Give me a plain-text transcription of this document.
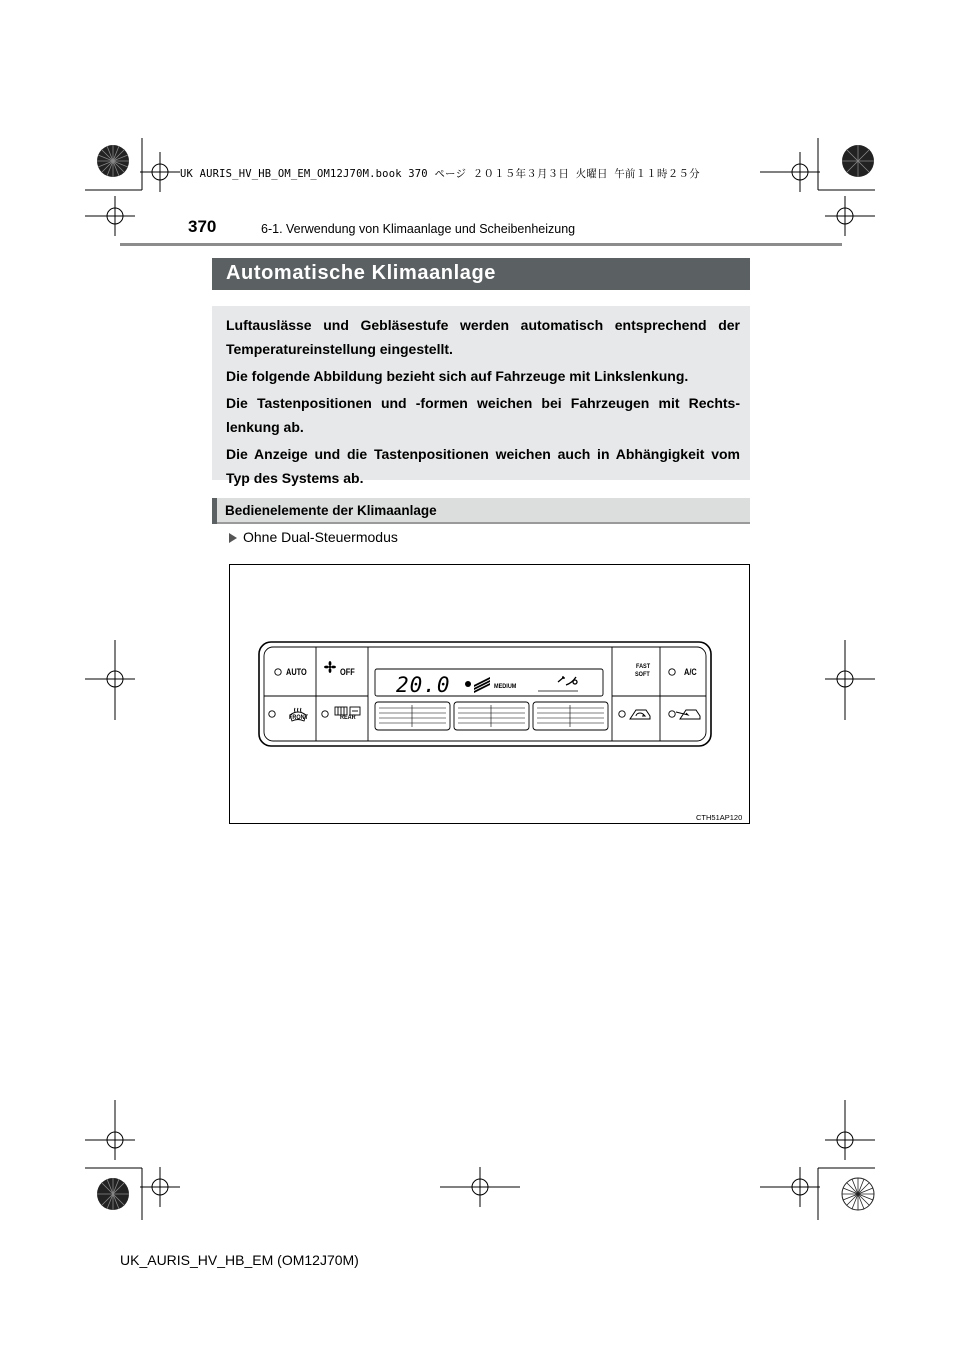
UK AURIS_HV_HB_OM_EM_OM12J70M.book 370 ページ ２０１５年３月３日 火曜日 午前１１時２５分
370	6-1. Verwendung von Klimaanlage und Scheibenheizung
Automatische Klimaanlage

Luftauslässe und Gebläsestufe werden automatisch entsprechend der Temperatureinstellung eingestellt.

Die folgende Abbildung bezieht sich auf Fahrzeuge mit Linkslenkung.

Die Tastenpositionen und -formen weichen bei Fahrzeugen mit Rechts-lenkung ab.

Die Anzeige und die Tastenpositionen weichen auch in Abhängigkeit vom Typ des Systems ab.

Bedienelemente der Klimaanlage
Ohne Dual-Steuermodus
AUTO	OFF
FRONT	REAR
FAST
SOFT	A/C
20.0	MEDIUM
CTH51AP120
UK_AURIS_HV_HB_EM (OM12J70M)
